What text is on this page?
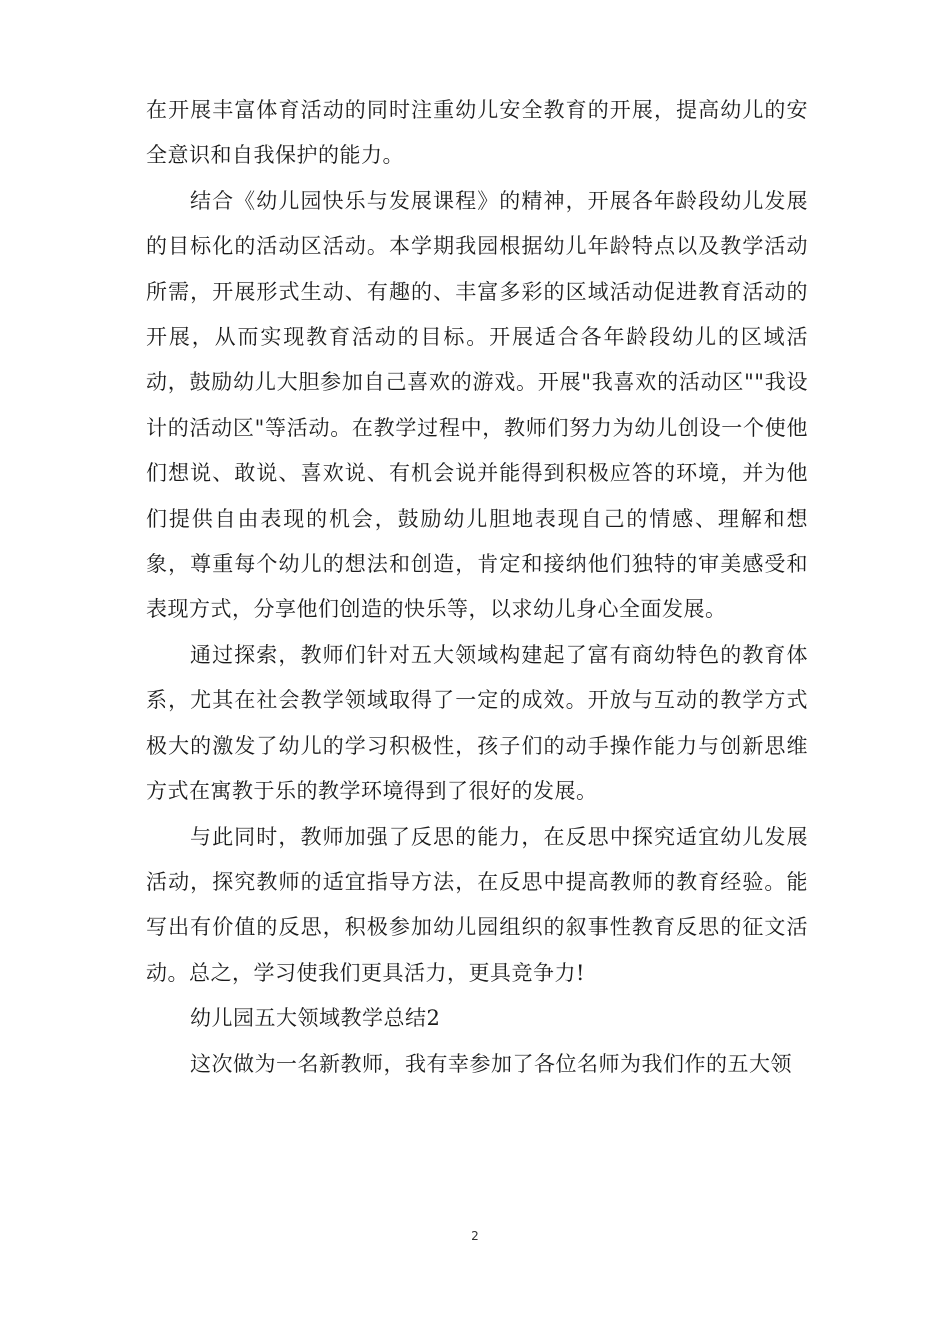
在开展丰富体育活动的同时注重幼儿安全教育的开展，提高幼儿的安全意识和自我保护的能力。

结合《幼儿园快乐与发展课程》的精神，开展各年龄段幼儿发展的目标化的活动区活动。本学期我园根据幼儿年龄特点以及教学活动所需，开展形式生动、有趣的、丰富多彩的区域活动促进教育活动的开展，从而实现教育活动的目标。开展适合各年龄段幼儿的区域活动，鼓励幼儿大胆参加自己喜欢的游戏。开展"我喜欢的活动区""我设计的活动区"等活动。在教学过程中，教师们努力为幼儿创设一个使他们想说、敢说、喜欢说、有机会说并能得到积极应答的环境，并为他们提供自由表现的机会，鼓励幼儿胆地表现自己的情感、理解和想象，尊重每个幼儿的想法和创造，肯定和接纳他们独特的审美感受和表现方式，分享他们创造的快乐等，以求幼儿身心全面发展。

通过探索，教师们针对五大领域构建起了富有商幼特色的教育体系，尤其在社会教学领域取得了一定的成效。开放与互动的教学方式极大的激发了幼儿的学习积极性，孩子们的动手操作能力与创新思维方式在寓教于乐的教学环境得到了很好的发展。

与此同时，教师加强了反思的能力，在反思中探究适宜幼儿发展活动，探究教师的适宜指导方法，在反思中提高教师的教育经验。能写出有价值的反思，积极参加幼儿园组织的叙事性教育反思的征文活动。总之，学习使我们更具活力，更具竞争力!

幼儿园五大领域教学总结2

这次做为一名新教师，我有幸参加了各位名师为我们作的五大领

2
